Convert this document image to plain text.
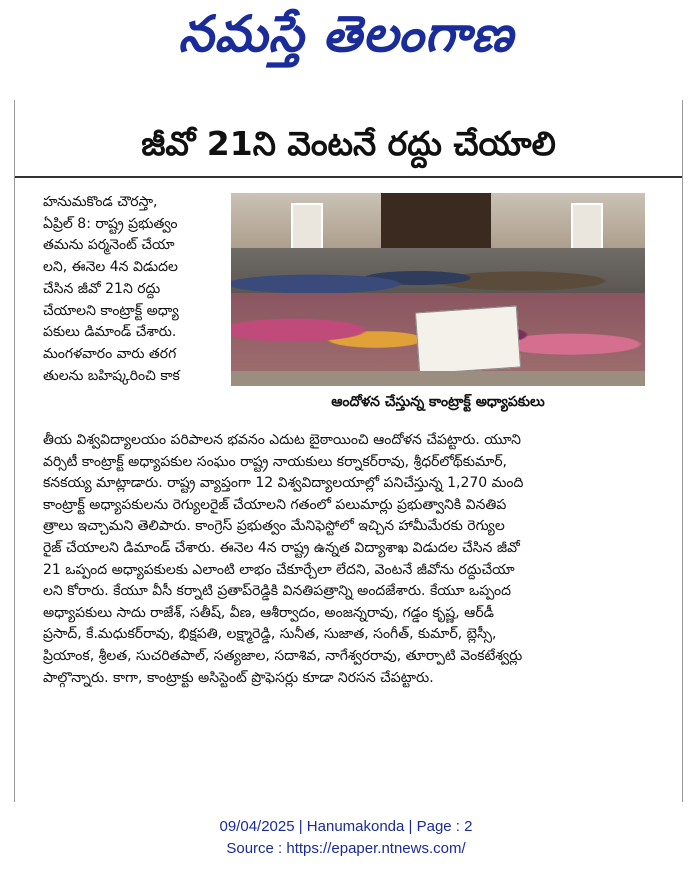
నమస్తే తెలంగాణ
జీవో 21ని వెంటనే రద్దు చేయాలి
హనుమకొండ చౌరస్తా,
ఏప్రిల్ 8: రాష్ట్ర ప్రభుత్వం
తమను పర్మనెంట్ చేయా
లని, ఈనెల 4న విడుదల
చేసిన జీవో 21ని రద్దు
చేయాలని కాంట్రాక్ట్ అధ్యా
పకులు డిమాండ్ చేశారు.
మంగళవారం వారు తరగ
తులను బహిష్కరించి కాక
ఆందోళన చేస్తున్న కాంట్రాక్ట్ అధ్యాపకులు
తీయ విశ్వవిద్యాలయం పరిపాలన భవనం ఎదుట బైఠాయించి ఆందోళన చేపట్టారు. యూని
వర్సిటీ కాంట్రాక్ట్ అధ్యాపకుల సంఘం రాష్ట్ర నాయకులు కర్నాకర్‌రావు, శ్రీధర్‌లోథ్‌కుమార్,
కనకయ్య మాట్లాడారు. రాష్ట్ర వ్యాప్తంగా 12 విశ్వవిద్యాలయాల్లో పనిచేస్తున్న 1,270 మంది
కాంట్రాక్ట్ అధ్యాపకులను రెగ్యులరైజ్ చేయాలని గతంలో పలుమార్లు ప్రభుత్వానికి వినతిప
త్రాలు ఇచ్చామని తెలిపారు. కాంగ్రెస్ ప్రభుత్వం మేనిఫెస్టోలో ఇచ్చిన హామీమేరకు రెగ్యుల
రైజ్ చేయాలని డిమాండ్ చేశారు. ఈనెల 4న రాష్ట్ర ఉన్నత విద్యాశాఖ విడుదల చేసిన జీవో
21 ఒప్పంద అధ్యాపకులకు ఎలాంటి లాభం చేకూర్చేలా లేదని, వెంటనే జీవోను రద్దుచేయా
లని కోరారు. కేయూ వీసీ కర్నాటి ప్రతాప్‌రెడ్డికి వినతిపత్రాన్ని అందజేశారు. కేయూ ఒప్పంద
అధ్యాపకులు సాదు రాజేశ్, సతీష్, వీణ, ఆశీర్వాదం, అంజన్నరావు, గడ్డం కృష్ణ, ఆర్‌డీ
ప్రసాద్, కే.మధుకర్‌రావు, భిక్షపతి, లక్ష్మారెడ్డి, సునీత, సుజాత, సంగీత్, కుమార్, బ్లెస్సీ,
ప్రియాంక, శ్రీలత, సుచరితపాల్, సత్యజాల, సదాశివ, నాగేశ్వరరావు, తూర్పాటి వెంకటేశ్వర్లు
పాల్గొన్నారు. కాగా, కాంట్రాక్టు అసిస్టెంట్ ప్రొఫెసర్లు కూడా నిరసన చేపట్టారు.
09/04/2025 | Hanumakonda | Page : 2
Source : https://epaper.ntnews.com/
